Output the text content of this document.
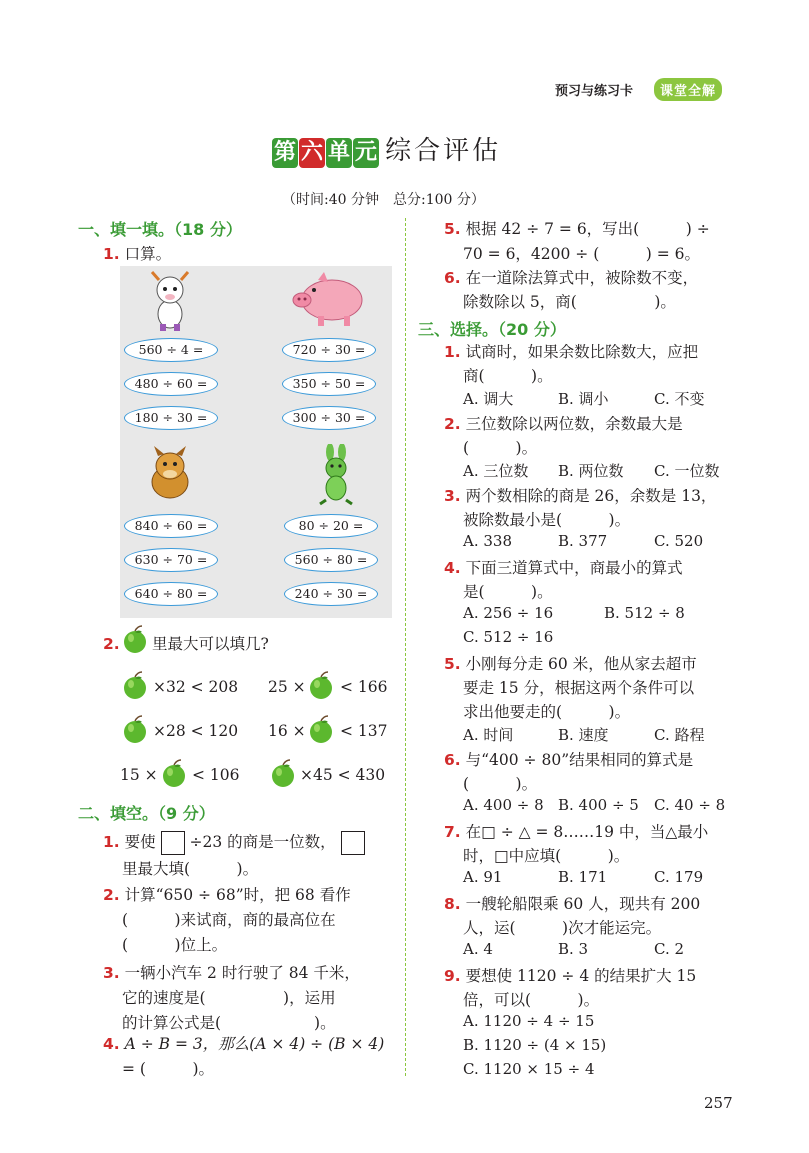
预习与练习卡	课堂全解
第 六 单 元 综合评估
（时间:40 分钟　总分:100 分）
一、填一填。（18 分）
1. 口算。
560 ÷ 4 =	720 ÷ 30 =
480 ÷ 60 =	350 ÷ 50 =
180 ÷ 30 =	300 ÷ 30 =
840 ÷ 60 =	80 ÷ 20 =
630 ÷ 70 =	560 ÷ 80 =
640 ÷ 80 =	240 ÷ 30 =
2. 里最大可以填几?
×32 < 208 25 × < 166
×28 < 120 16 × < 137
15 × < 106	×45 < 430
二、填空。（9 分）
1. 要使 ÷23 的商是一位数，
里最大填(　　　)。
2. 计算“650 ÷ 68”时，把 68 看作
(　　　)来试商，商的最高位在
(　　　)位上。
3. 一辆小汽车 2 时行驶了 84 千米，
它的速度是(　　　　　)，运用
的计算公式是(　　　　　　)。
4. A ÷ B = 3，那么(A × 4) ÷ (B × 4)
= (　　　)。
5. 根据 42 ÷ 7 = 6，写出(　　　) ÷
70 = 6，4200 ÷ (　　　) = 6。
6. 在一道除法算式中，被除数不变，
除数除以 5，商(　　　　　)。
三、选择。（20 分）
1. 试商时，如果余数比除数大，应把
商(　　　)。
A. 调大	B. 调小	C. 不变
2. 三位数除以两位数，余数最大是
(　　　)。
A. 三位数 B. 两位数 C. 一位数
3. 两个数相除的商是 26，余数是 13，
被除数最小是(　　　)。
A. 338	B. 377	C. 520
4. 下面三道算式中，商最小的算式
是(　　　)。
A. 256 ÷ 16	B. 512 ÷ 8
C. 512 ÷ 16
5. 小刚每分走 60 米，他从家去超市
要走 15 分，根据这两个条件可以
求出他要走的(　　　)。
A. 时间	B. 速度	C. 路程
6. 与“400 ÷ 80”结果相同的算式是
(　　　)。
A. 400 ÷ 8 B. 400 ÷ 5 C. 40 ÷ 8
7. 在□ ÷ △ = 8……19 中，当△最小
时，□中应填(　　　)。
A. 91	B. 171	C. 179
8. 一艘轮船限乘 60 人，现共有 200
人，运(　　　)次才能运完。
A. 4	B. 3	C. 2
9. 要想使 1120 ÷ 4 的结果扩大 15
倍，可以(　　　)。
A. 1120 ÷ 4 ÷ 15
B. 1120 ÷ (4 × 15)
C. 1120 × 15 ÷ 4
257
